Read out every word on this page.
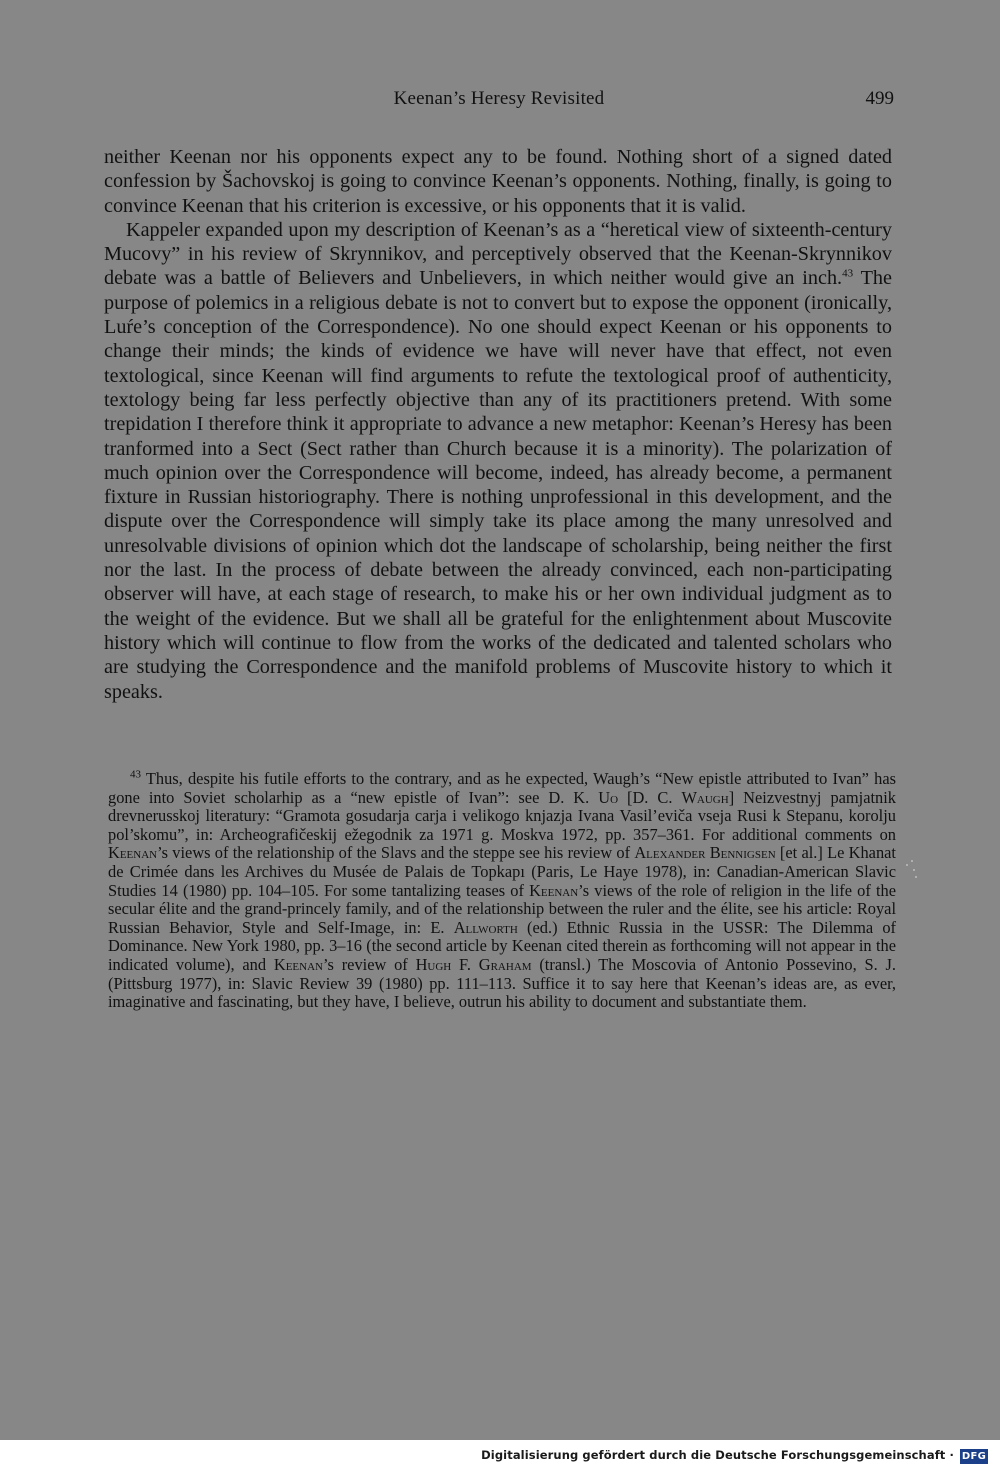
Keenan’s Heresy Revisited	499

neither Keenan nor his opponents expect any to be found. Nothing short of a signed dated confession by Šachovskoj is going to convince Keenan’s opponents. Nothing, finally, is going to convince Keenan that his criterion is excessive, or his opponents that it is valid.

Kappeler expanded upon my description of Keenan’s as a “heretical view of sixteenth-century Mucovy” in his review of Skrynnikov, and perceptively observed that the Keenan-Skrynnikov debate was a battle of Believers and Unbelievers, in which neither would give an inch.$^{43}$ The purpose of polemics in a religious debate is not to convert but to expose the opponent (ironically, Luŕe’s conception of the Correspondence). No one should expect Keenan or his opponents to change their minds; the kinds of evidence we have will never have that effect, not even textological, since Keenan will find arguments to refute the textological proof of authenticity, textology being far less perfectly objective than any of its practitioners pretend. With some trepidation I therefore think it appropriate to advance a new metaphor: Keenan’s Heresy has been tranformed into a Sect (Sect rather than Church because it is a minority). The polarization of much opinion over the Correspondence will become, indeed, has already become, a permanent fixture in Russian historiography. There is nothing unprofessional in this development, and the dispute over the Correspondence will simply take its place among the many unresolved and unresolvable divisions of opinion which dot the landscape of scholarship, being neither the first nor the last. In the process of debate between the already convinced, each non-participating observer will have, at each stage of research, to make his or her own individual judgment as to the weight of the evidence. But we shall all be grateful for the enlightenment about Muscovite history which will continue to flow from the works of the dedicated and talented scholars who are studying the Correspondence and the manifold problems of Muscovite history to which it speaks.

$^{43}$ Thus, despite his futile efforts to the contrary, and as he expected, Waugh’s “New epistle attributed to Ivan” has gone into Soviet scholarhip as a “new epistle of Ivan”: see D. K. Uo [D. C. Waugh] Neizvestnyj pamjatnik drevnerusskoj literatury: “Gramota gosudarja carja i velikogo knjazja Ivana Vasil’eviča vseja Rusi k Stepanu, korolju pol’skomu”, in: Archeografičeskij ežegodnik za 1971 g. Moskva 1972, pp. 357–361. For additional comments on Keenan’s views of the relationship of the Slavs and the steppe see his review of Alexander Bennigsen [et al.] Le Khanat de Crimée dans les Archives du Musée de Palais de Topkapı (Paris, Le Haye 1978), in: Canadian-American Slavic Studies 14 (1980) pp. 104–105. For some tantalizing teases of Keenan’s views of the role of religion in the life of the secular élite and the grand-princely family, and of the relationship between the ruler and the élite, see his article: Royal Russian Behavior, Style and Self-Image, in: E. Allworth (ed.) Ethnic Russia in the USSR: The Dilemma of Dominance. New York 1980, pp. 3–16 (the second article by Keenan cited therein as forthcoming will not appear in the indicated volume), and Keenan’s review of Hugh F. Graham (transl.) The Moscovia of Antonio Possevino, S. J. (Pittsburg 1977), in: Slavic Review 39 (1980) pp. 111–113. Suffice it to say here that Keenan’s ideas are, as ever, imaginative and fascinating, but they have, I believe, outrun his ability to document and substantiate them.

Digitalisierung gefördert durch die Deutsche Forschungsgemeinschaft · DFG
